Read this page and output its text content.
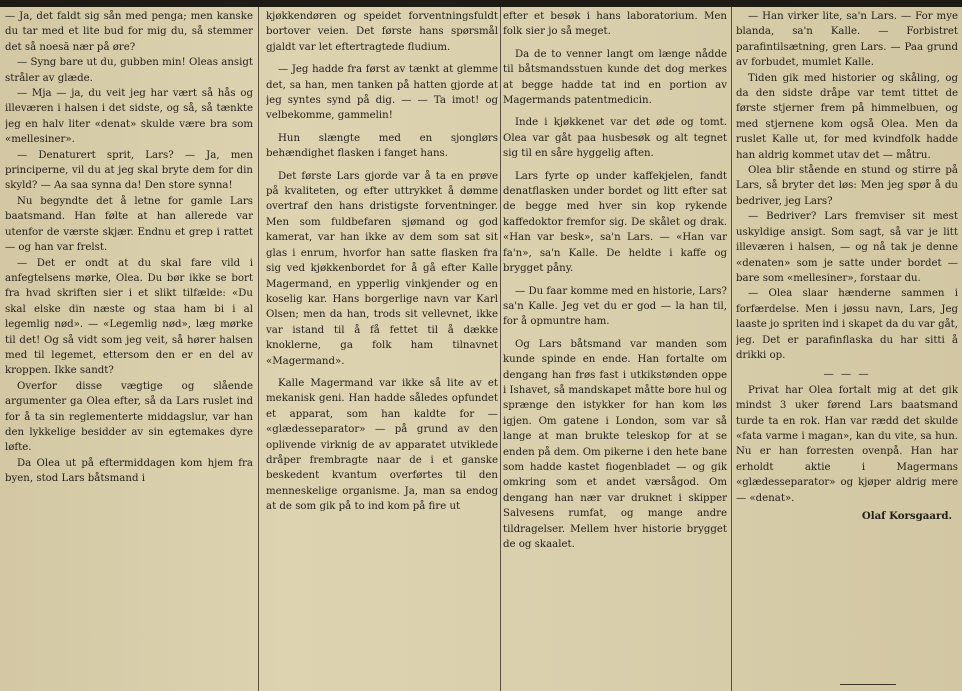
— Ja, det faldt sig sån med penga; men kanske du tar med et lite bud for mig du, så stemmer det så noesă nær på øre?

— Syng bare ut du, gubben min! Oleas ansigt stråler av glæde.

— Mja — ja, du veit jeg har vært så hås og illeværen i halsen i det sidste, og så, så tænkte jeg en halv liter «denat» skulde være bra som «mellesiner».

— Denaturert sprit, Lars? — Ja, men principerne, vil du at jeg skal bryte dem for din skyld? — Aa saa synna da! Den store synna!

Nu begyndte det å letne for gamle Lars baatsmand. Han følte at han allerede var utenfor de værste skjær. Endnu et grep i rattet — og han var frelst.

— Det er ondt at du skal fare vild i anfegtelsens mørke, Olea. Du bør ikke se bort fra hvad skriften sier i et slikt tilfælde: «Du skal elske din næste og staa ham bi i al legemlig nød». — «Legemlig nød», læg mørke til det! Og så vidt som jeg veit, så hører halsen med til legemet, ettersom den er en del av kroppen. Ikke sandt?

Overfor disse vægtige og slående argumenter ga Olea efter, så da Lars ruslet ind for å ta sin reglementerte middagslur, var han den lykkelige besidder av sin egtemakes dyre løfte.

Da Olea ut på eftermiddagen kom hjem fra byen, stod Lars båtsmand i

kjøkkendøren og speidet forventningsfuldt bortover veien. Det første hans spørsmål gjaldt var let eftertragtede fludium.

— Jeg hadde fra først av tænkt at glemme det, sa han, men tanken på hatten gjorde at jeg syntes synd på dig. — — Ta imot! og velbekomme, gammelin!

Hun slængte med en sjonglørs behændighet flasken i fanget hans.

Det første Lars gjorde var å ta en prøve på kvaliteten, og efter uttrykket å dømme overtraf den hans dristigste forventninger. Men som fuldbefaren sjømand og god kamerat, var han ikke av dem som sat sit glas i enrum, hvorfor han satte flasken fra sig ved kjøkkenbordet for å gå efter Kalle Magermand, en ypperlig vinkjender og en koselig kar. Hans borgerlige navn var Karl Olsen; men da han, trods sit vellevnet, ikke var istand til å få fettet til å dække knoklerne, ga folk ham tilnavnet «Magermand».

Kalle Magermand var ikke så lite av et mekanisk geni. Han hadde således opfundet et apparat, som han kaldte for — «glædesseparator» — på grund av den oplivende virknig de av apparatet utviklede dråper frembragte naar de i et ganske beskedent kvantum overførtes til den menneskelige organisme. Ja, man sa endog at de som gik på to ind kom på fire ut

efter et besøk i hans laboratorium. Men folk sier jo så meget.

Da de to venner langt om længe nådde til båtsmandsstuen kunde det dog merkes at begge hadde tat ind en portion av Magermands patentmedicin.

Inde i kjøkkenet var det øde og tomt. Olea var gåt paa husbesøk og alt tegnet sig til en såre hyggelig aften.

Lars fyrte op under kaffekjelen, fandt denatflasken under bordet og litt efter sat de begge med hver sin kop rykende kaffedoktor fremfor sig. De skålet og drak. «Han var besk», sa'n Lars. — «Han var fa'n», sa'n Kalle. De heldte i kaffe og brygget påny.

— Du faar komme med en historie, Lars? sa'n Kalle. Jeg vet du er god — la han til, for å opmuntre ham.

Og Lars båtsmand var manden som kunde spinde en ende. Han fortalte om dengang han frøs fast i utkikstønden oppe i Ishavet, så mandskapet måtte bore hul og sprænge den istykker for han kom løs igjen. Om gatene i London, som var så lange at man brukte teleskop for at se enden på dem. Om pikerne i den hete bane som hadde kastet fiogenbladet — og gik omkring som et andet værsågod. Om dengang han nær var druknet i skipper Salvesens rumfat, og mange andre tildragelser. Mellem hver historie brygget de og skaalet.

— Han virker lite, sa'n Lars. — For mye blanda, sa'n Kalle. — Forbistret parafintilsætning, gren Lars. — Paa grund av forbudet, mumlet Kalle.

Tiden gik med historier og skåling, og da den sidste dråpe var temt tittet de første stjerner frem på himmelbuen, og med stjernene kom også Olea. Men da ruslet Kalle ut, for med kvindfolk hadde han aldrig kommet utav det — måtru.

Olea blir stående en stund og stirre på Lars, så bryter det løs: Men jeg spør å du bedriver, jeg Lars?

— Bedriver? Lars fremviser sit mest uskyldige ansigt. Som sagt, så var je litt illeværen i halsen, — og nå tak je denne «denaten» som je satte under bordet — bare som «mellesiner», forstaar du.

— Olea slaar hænderne sammen i forfærdelse. Men i jøssu navn, Lars, Jeg laaste jo spriten ind i skapet da du var gåt, jeg. Det er parafinflaska du har sitti å drikki op.

— — —

Privat har Olea fortalt mig at det gik mindst 3 uker førend Lars baatsmand turde ta en rok. Han var rædd det skulde «fata varme i magan», kan du vite, sa hun. Nu er han forresten ovenpå. Han har erholdt aktie i Magermans «glædesseparator» og kjøper aldrig mere — «denat».

Olaf Korsgaard.
